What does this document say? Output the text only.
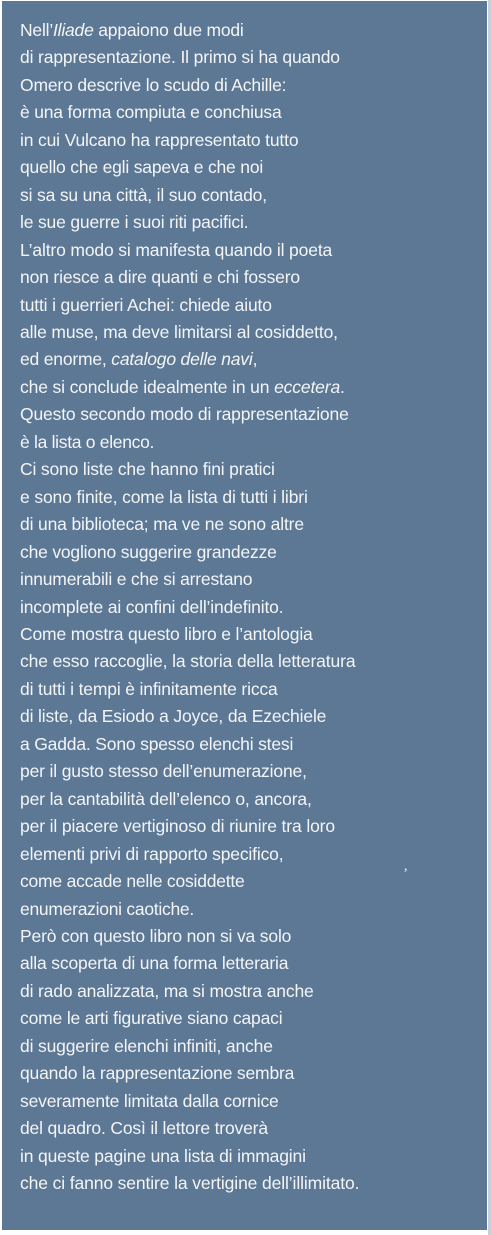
Nell’Iliade appaiono due modi
di rappresentazione. Il primo si ha quando
Omero descrive lo scudo di Achille:
è una forma compiuta e conchiusa
in cui Vulcano ha rappresentato tutto
quello che egli sapeva e che noi
si sa su una città, il suo contado,
le sue guerre i suoi riti pacifici.
L’altro modo si manifesta quando il poeta
non riesce a dire quanti e chi fossero
tutti i guerrieri Achei: chiede aiuto
alle muse, ma deve limitarsi al cosiddetto,
ed enorme, catalogo delle navi,
che si conclude idealmente in un eccetera.
Questo secondo modo di rappresentazione
è la lista o elenco.
Ci sono liste che hanno fini pratici
e sono finite, come la lista di tutti i libri
di una biblioteca; ma ve ne sono altre
che vogliono suggerire grandezze
innumerabili e che si arrestano
incomplete ai confini dell’indefinito.
Come mostra questo libro e l’antologia
che esso raccoglie, la storia della letteratura
di tutti i tempi è infinitamente ricca
di liste, da Esiodo a Joyce, da Ezechiele
a Gadda. Sono spesso elenchi stesi
per il gusto stesso dell’enumerazione,
per la cantabilità dell’elenco o, ancora,
per il piacere vertiginoso di riunire tra loro
elementi privi di rapporto specifico,
come accade nelle cosiddette
enumerazioni caotiche.
Però con questo libro non si va solo
alla scoperta di una forma letteraria
di rado analizzata, ma si mostra anche
come le arti figurative siano capaci
di suggerire elenchi infiniti, anche
quando la rappresentazione sembra
severamente limitata dalla cornice
del quadro. Così il lettore troverà
in queste pagine una lista di immagini
che ci fanno sentire la vertigine dell’illimitato.
,
